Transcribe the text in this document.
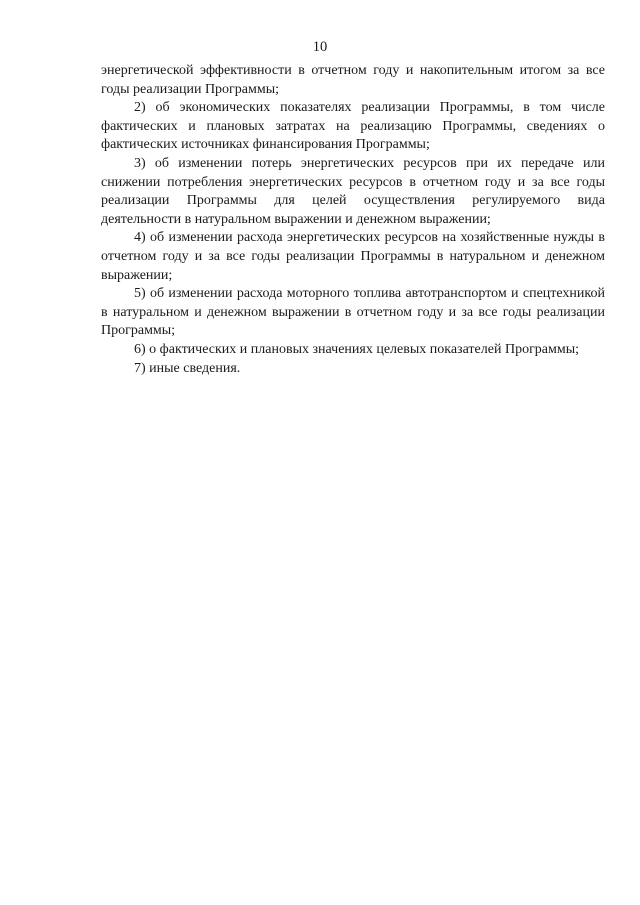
10

энергетической эффективности в отчетном году и накопительным итогом за все годы реализации Программы;

2) об экономических показателях реализации Программы, в том числе фактических и плановых затратах на реализацию Программы, сведениях о фактических источниках финансирования Программы;

3) об изменении потерь энергетических ресурсов при их передаче или снижении потребления энергетических ресурсов в отчетном году и за все годы реализации Программы для целей осуществления регулируемого вида деятельности в натуральном выражении и денежном выражении;

4) об изменении расхода энергетических ресурсов на хозяйственные нужды в отчетном году и за все годы реализации Программы в натуральном и денежном выражении;

5) об изменении расхода моторного топлива автотранспортом и спецтехникой в натуральном и денежном выражении в отчетном году и за все годы реализации Программы;

6) о фактических и плановых значениях целевых показателей Программы;

7) иные сведения.
